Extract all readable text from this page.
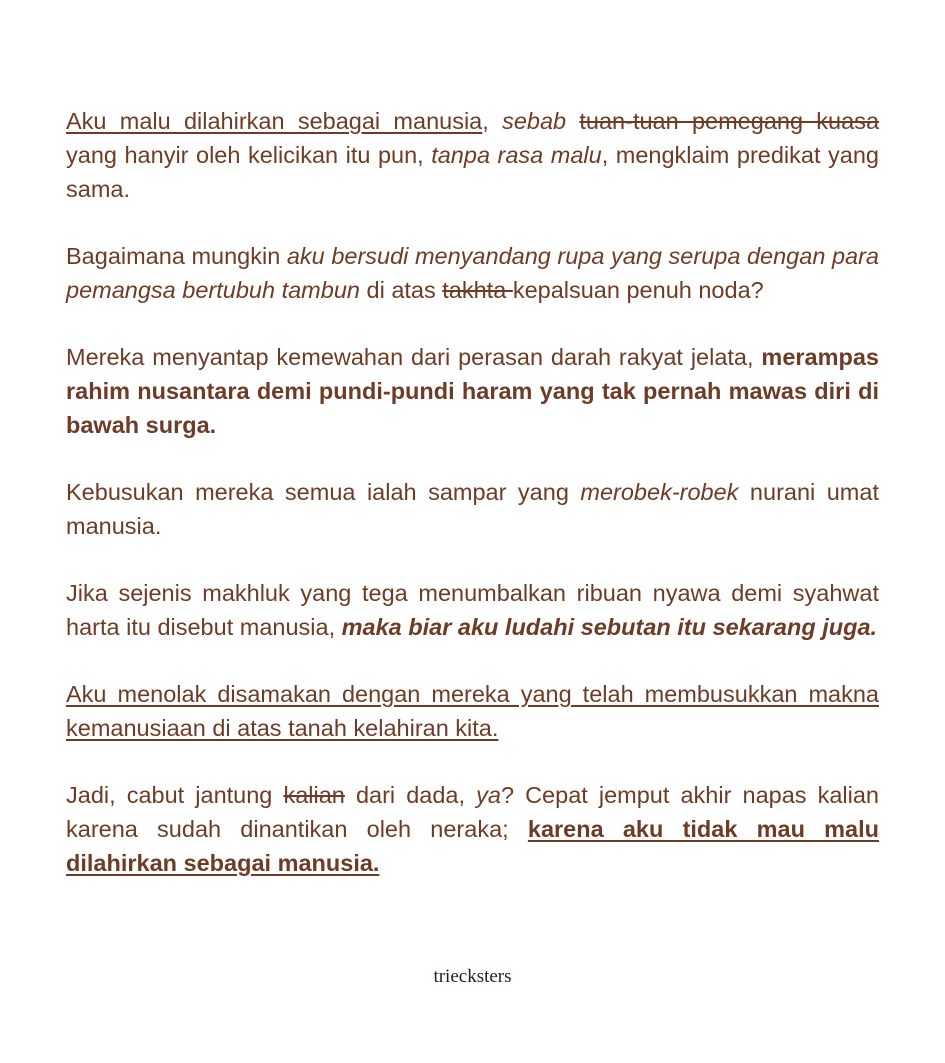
Aku malu dilahirkan sebagai manusia, sebab tuan-tuan pemegang kuasa yang hanyir oleh kelicikan itu pun, tanpa rasa malu, mengklaim predikat yang sama.

Bagaimana mungkin aku bersudi menyandang rupa yang serupa dengan para pemangsa bertubuh tambun di atas takhta kepalsuan penuh noda?

Mereka menyantap kemewahan dari perasan darah rakyat jelata, merampas rahim nusantara demi pundi-pundi haram yang tak pernah mawas diri di bawah surga.

Kebusukan mereka semua ialah sampar yang merobek-robek nurani umat manusia.

Jika sejenis makhluk yang tega menumbalkan ribuan nyawa demi syahwat harta itu disebut manusia, maka biar aku ludahi sebutan itu sekarang juga.

Aku menolak disamakan dengan mereka yang telah membusukkan makna kemanusiaan di atas tanah kelahiran kita.

Jadi, cabut jantung kalian dari dada, ya? Cepat jemput akhir napas kalian karena sudah dinantikan oleh neraka; karena aku tidak mau malu dilahirkan sebagai manusia.

triecksters
